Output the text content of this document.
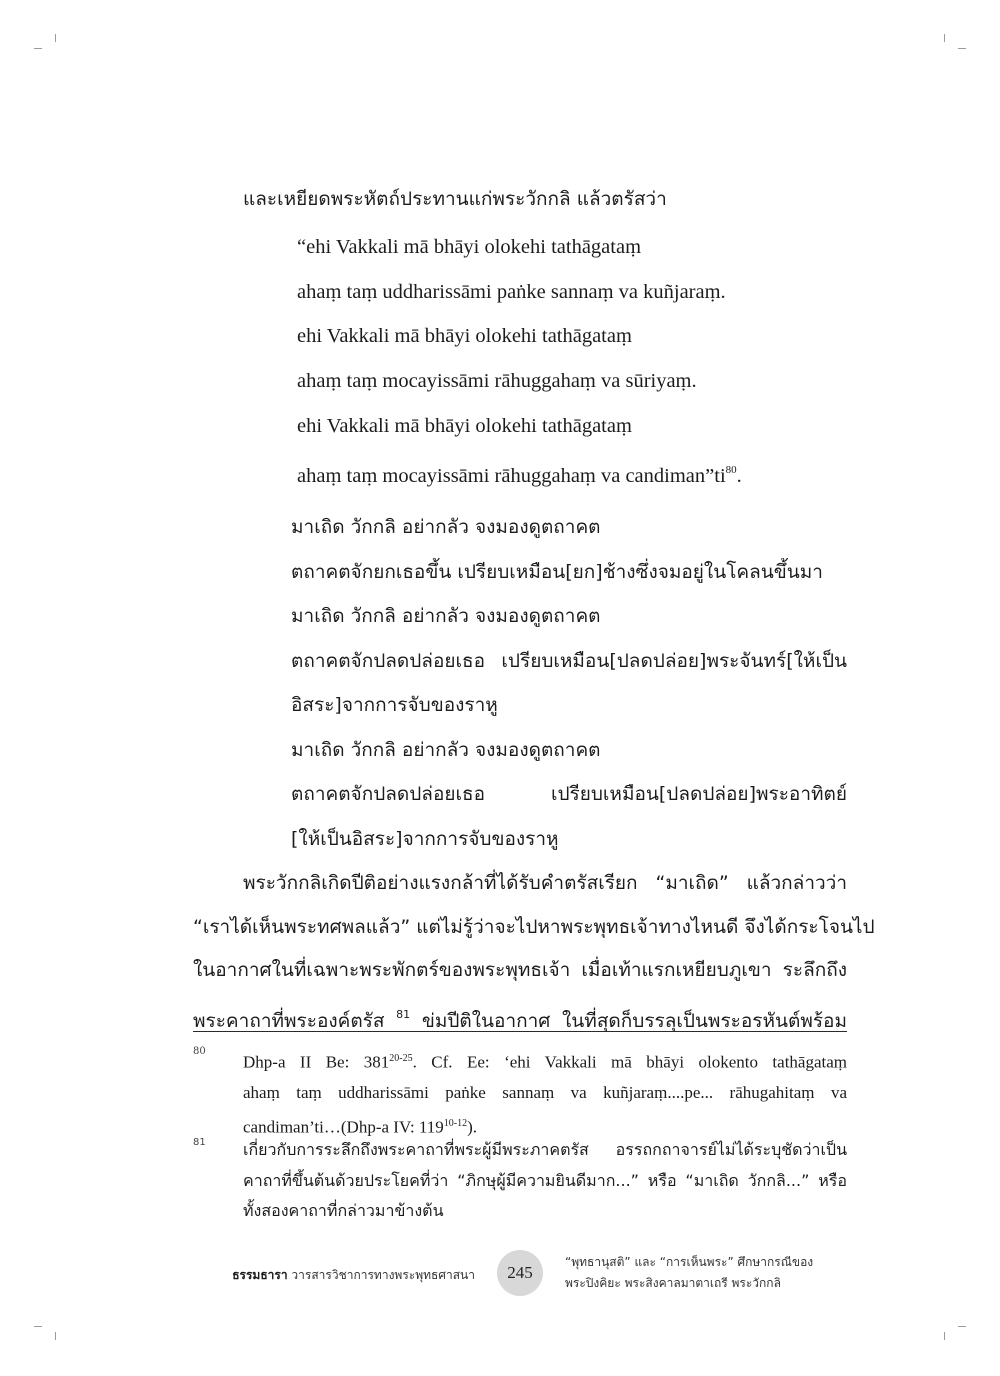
และเหยียดพระหัตถ์ประทานแก่พระวักกลิ แล้วตรัสว่า
“ehi Vakkali mā bhāyi olokehi tathāgataṃ
ahaṃ taṃ uddharissāmi paṅke sannaṃ va kuñjaraṃ.
ehi Vakkali mā bhāyi olokehi tathāgataṃ
ahaṃ taṃ mocayissāmi rāhuggahaṃ va sūriyaṃ.
ehi Vakkali mā bhāyi olokehi tathāgataṃ
ahaṃ taṃ mocayissāmi rāhuggahaṃ va candiman”ti$^{80}$.
มาเถิด วักกลิ อย่ากลัว จงมองดูตถาคต
ตถาคตจักยกเธอขึ้น เปรียบเหมือน[ยก]ช้างซึ่งจมอยู่ในโคลนขึ้นมา
มาเถิด วักกลิ อย่ากลัว จงมองดูตถาคต
ตถาคตจักปลดปล่อยเธอ เปรียบเหมือน[ปลดปล่อย]พระจันทร์[ให้เป็น
อิสระ]จากการจับของราหู
มาเถิด วักกลิ อย่ากลัว จงมองดูตถาคต
ตถาคตจักปลดปล่อยเธอ เปรียบเหมือน[ปลดปล่อย]พระอาทิตย์
[ให้เป็นอิสระ]จากการจับของราหู
พระวักกลิเกิดปีติอย่างแรงกล้าที่ได้รับคำตรัสเรียก “มาเถิด” แล้วกล่าวว่า
“เราได้เห็นพระทศพลแล้ว” แต่ไม่รู้ว่าจะไปหาพระพุทธเจ้าทางไหนดี จึงได้กระโจนไป
ในอากาศในที่เฉพาะพระพักตร์ของพระพุทธเจ้า เมื่อเท้าแรกเหยียบภูเขา ระลึกถึง
พระคาถาที่พระองค์ตรัส $^{81}$ ข่มปีติในอากาศ ในที่สุดก็บรรลุเป็นพระอรหันต์พร้อม
80
Dhp-a II Be: 381$^{20-25}$. Cf. Ee: ‘ehi Vakkali mā bhāyi olokento tathāgataṃ
ahaṃ taṃ uddharissāmi paṅke sannaṃ va kuñjaraṃ....pe... rāhugahitaṃ va
candiman’ti…(Dhp-a IV: 119$^{10-12}$).
81 เกี่ยวกับการระลึกถึงพระคาถาที่พระผู้มีพระภาคตรัส อรรถกถาจารย์ไม่ได้ระบุชัดว่าเป็น
คาถาที่ขึ้นต้นด้วยประโยคที่ว่า “ภิกษุผู้มีความยินดีมาก...” หรือ “มาเถิด วักกลิ...” หรือ
ทั้งสองคาถาที่กล่าวมาข้างต้น
ธรรมธารา วารสารวิชาการทางพระพุทธศาสนา	245
“พุทธานุสติ” และ “การเห็นพระ” ศึกษากรณีของ
พระปิงคิยะ พระสิงคาลมาตาเถรี พระวักกลิ
